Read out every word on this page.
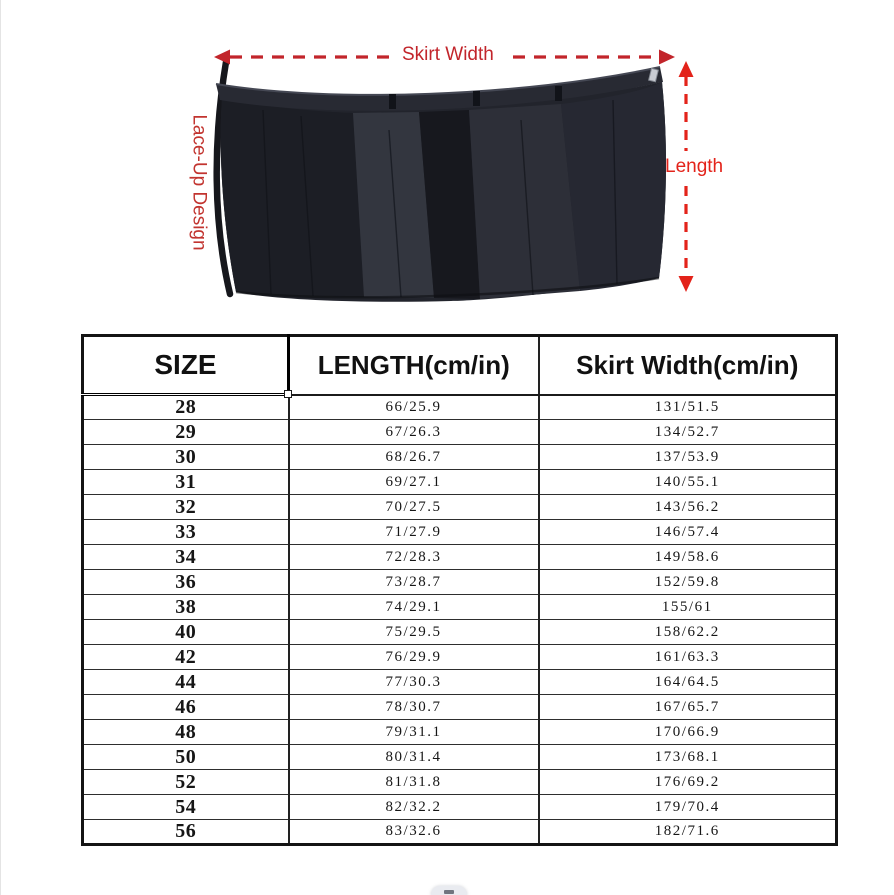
Skirt Width
Length
Lace-Up Design
SIZE	LENGTH(cm/in)	Skirt Width(cm/in)
28	66/25.9	131/51.5
29	67/26.3	134/52.7
30	68/26.7	137/53.9
31	69/27.1	140/55.1
32	70/27.5	143/56.2
33	71/27.9	146/57.4
34	72/28.3	149/58.6
36	73/28.7	152/59.8
38	74/29.1	155/61
40	75/29.5	158/62.2
42	76/29.9	161/63.3
44	77/30.3	164/64.5
46	78/30.7	167/65.7
48	79/31.1	170/66.9
50	80/31.4	173/68.1
52	81/31.8	176/69.2
54	82/32.2	179/70.4
56	83/32.6	182/71.6
